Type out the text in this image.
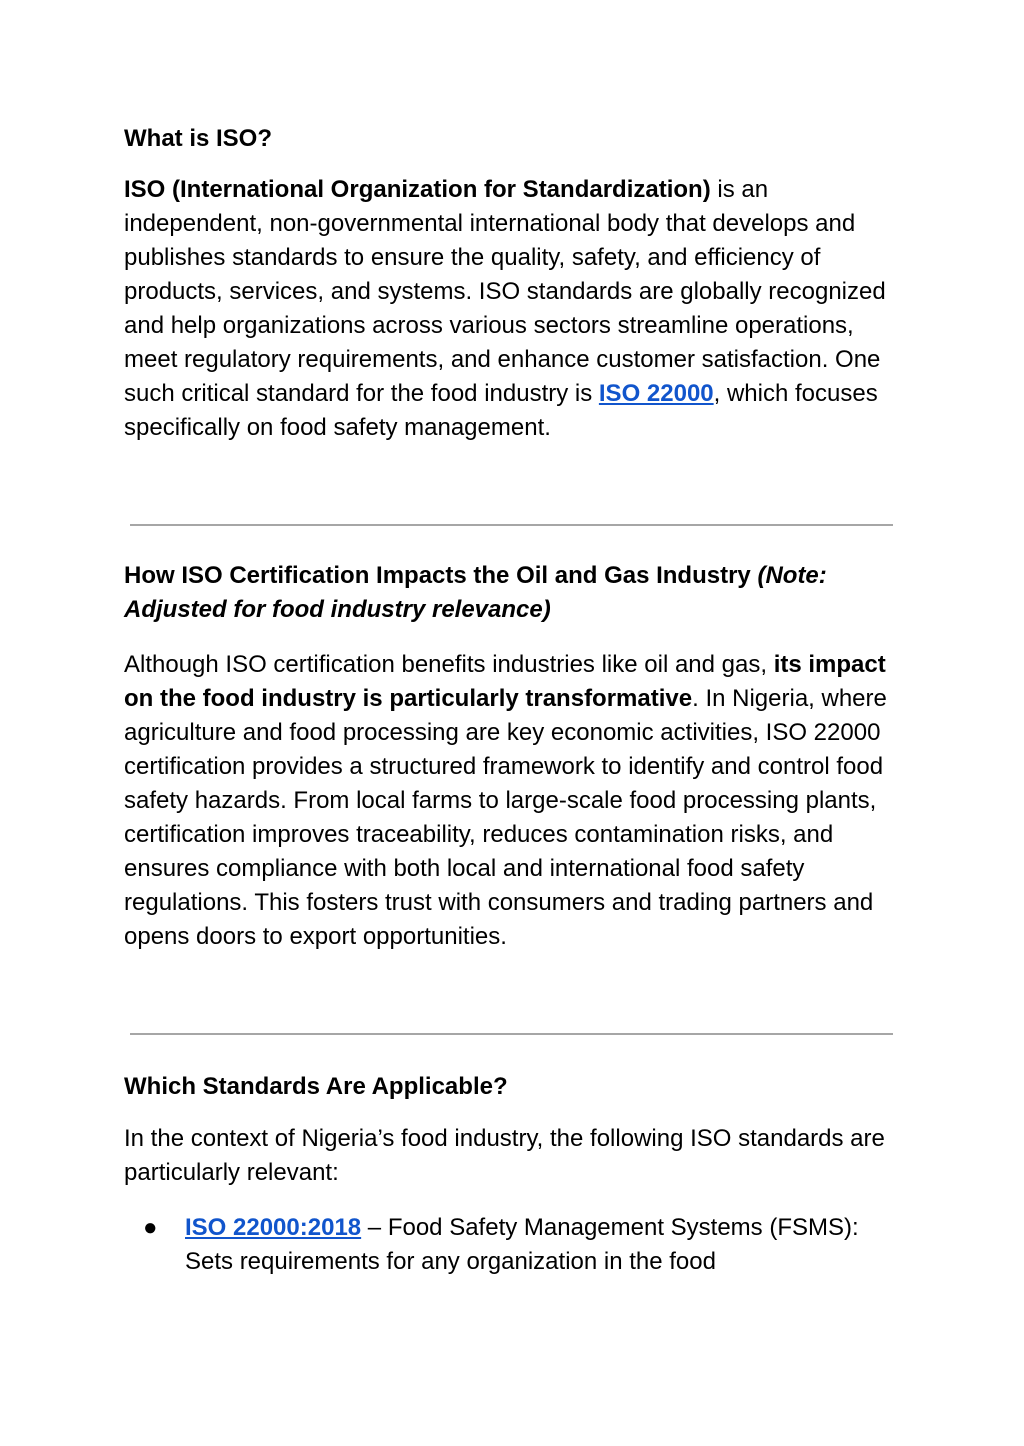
What is ISO?

ISO (International Organization for Standardization) is an independent, non-governmental international body that develops and publishes standards to ensure the quality, safety, and efficiency of products, services, and systems. ISO standards are globally recognized and help organizations across various sectors streamline operations, meet regulatory requirements, and enhance customer satisfaction. One such critical standard for the food industry is ISO 22000, which focuses specifically on food safety management.

How ISO Certification Impacts the Oil and Gas Industry (Note: Adjusted for food industry relevance)

Although ISO certification benefits industries like oil and gas, its impact on the food industry is particularly transformative. In Nigeria, where agriculture and food processing are key economic activities, ISO 22000 certification provides a structured framework to identify and control food safety hazards. From local farms to large-scale food processing plants, certification improves traceability, reduces contamination risks, and ensures compliance with both local and international food safety regulations. This fosters trust with consumers and trading partners and opens doors to export opportunities.

Which Standards Are Applicable?

In the context of Nigeria’s food industry, the following ISO standards are particularly relevant:

● ISO 22000:2018 – Food Safety Management Systems (FSMS): Sets requirements for any organization in the food
